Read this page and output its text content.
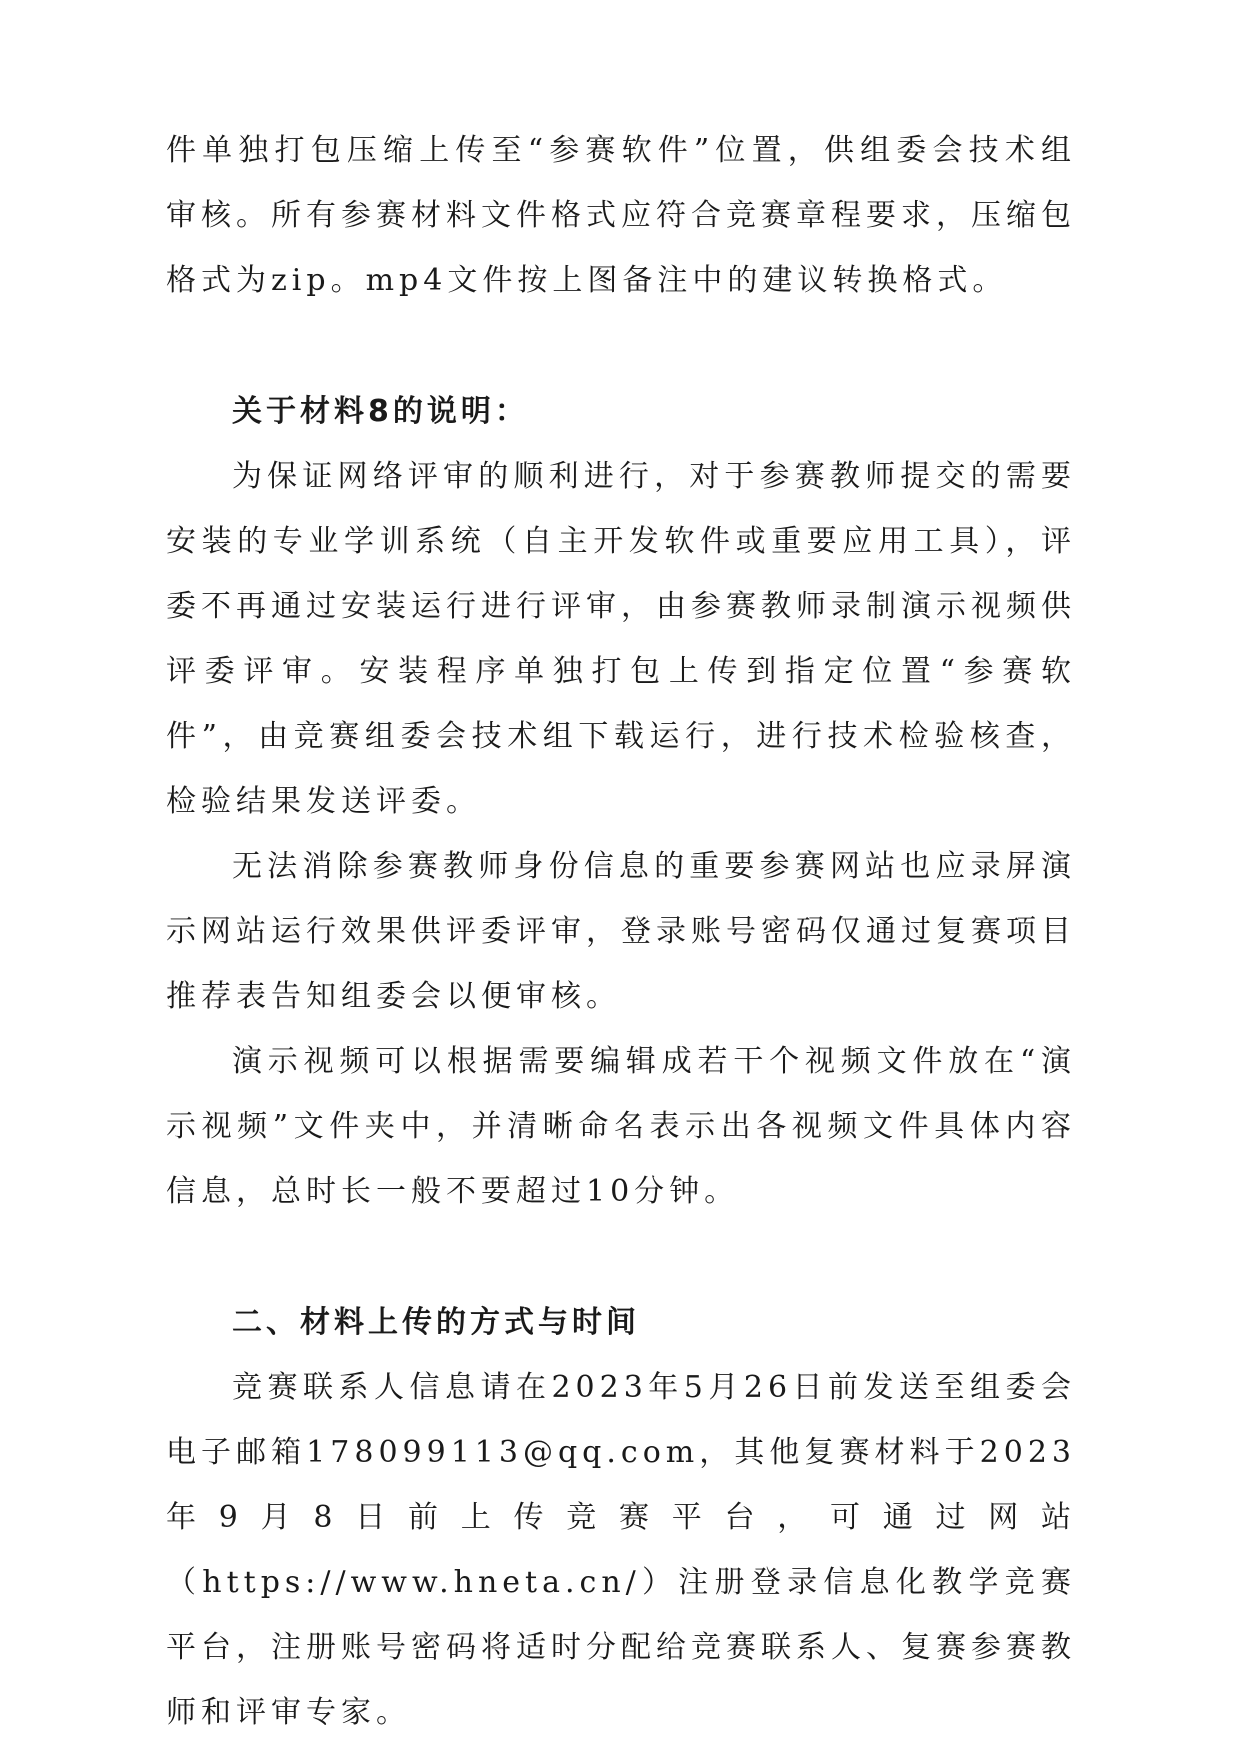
件单独打包压缩上传至“参赛软件”位置，供组委会技术组审核。所有参赛材料文件格式应符合竞赛章程要求，压缩包格式为zip。mp4文件按上图备注中的建议转换格式。

关于材料8的说明：

为保证网络评审的顺利进行，对于参赛教师提交的需要安装的专业学训系统（自主开发软件或重要应用工具），评委不再通过安装运行进行评审，由参赛教师录制演示视频供评委评审。安装程序单独打包上传到指定位置“参赛软件”，由竞赛组委会技术组下载运行，进行技术检验核查，检验结果发送评委。

无法消除参赛教师身份信息的重要参赛网站也应录屏演示网站运行效果供评委评审，登录账号密码仅通过复赛项目推荐表告知组委会以便审核。

演示视频可以根据需要编辑成若干个视频文件放在“演示视频”文件夹中，并清晰命名表示出各视频文件具体内容信息，总时长一般不要超过10分钟。

二、材料上传的方式与时间

竞赛联系人信息请在2023年5月26日前发送至组委会电子邮箱178099113@qq.com，其他复赛材料于2023年9月8日前上传竞赛平台，可通过网站（https://www.hneta.cn/）注册登录信息化教学竞赛平台，注册账号密码将适时分配给竞赛联系人、复赛参赛教师和评审专家。
